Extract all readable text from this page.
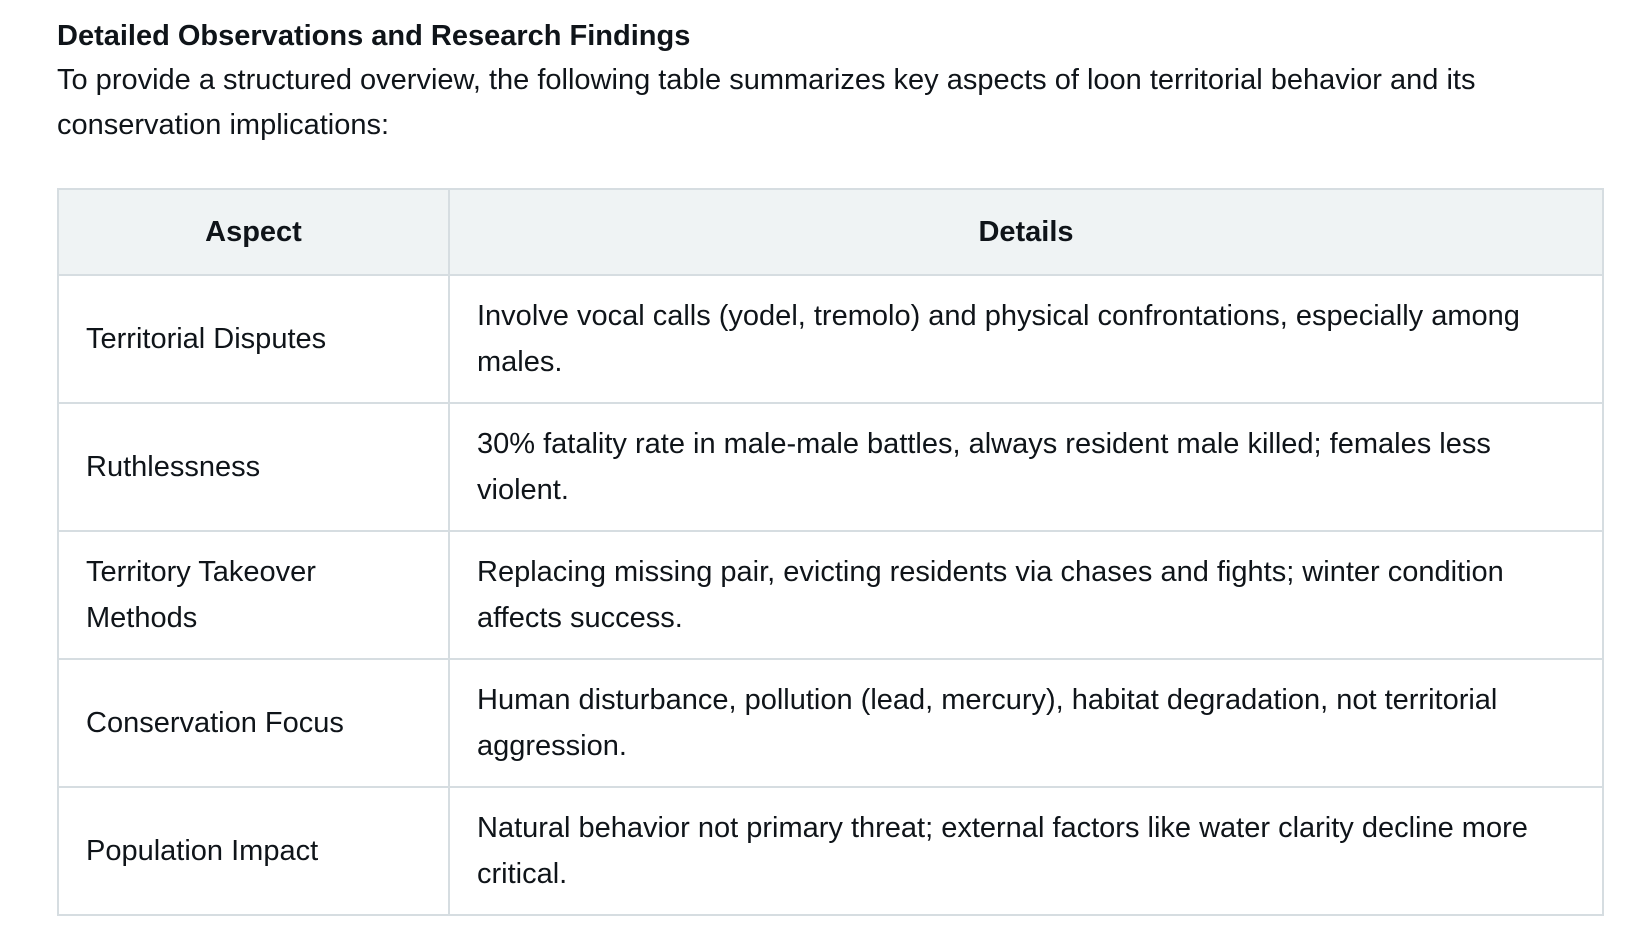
Detailed Observations and Research Findings

To provide a structured overview, the following table summarizes key aspects of loon territorial behavior and its conservation implications:

Aspect	Details
Territorial Disputes	Involve vocal calls (yodel, tremolo) and physical confrontations, especially among males.
Ruthlessness	30% fatality rate in male-male battles, always resident male killed; females less violent.
Territory Takeover Methods	Replacing missing pair, evicting residents via chases and fights; winter condition affects success.
Conservation Focus	Human disturbance, pollution (lead, mercury), habitat degradation, not territorial aggression.
Population Impact	Natural behavior not primary threat; external factors like water clarity decline more critical.
